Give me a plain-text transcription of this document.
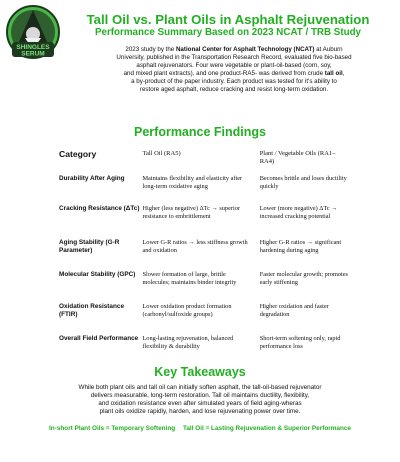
SHINGLES
SERUM
Tall Oil vs. Plant Oils in Asphalt Rejuvenation
Performance Summary Based on 2023 NCAT / TRB Study
2023 study by the National Center for Asphalt Technology (NCAT) at Auburn
University, published in the Transportation Research Record, evaluated five bio-based
asphalt rejuvenators. Four were vegetable or plant-oil-based (corn, soy,
and mixed plant extracts), and one product-RA5- was derived from crude tall oil,
a by-product of the paper industry. Each product was tested for it's ability to
restore aged asphalt, reduce cracking and resist long-term oxidation.
Performance Findings
Category	Tall Oil (RA5)	Plant / Vegetable Oils (RA1–RA4)
Durability After Aging	Maintains flexibility and elasticity after long-term oxidative aging	Becomes brittle and loses ductility quickly
Cracking Resistance (ΔTc)	Higher (less negative) ΔTc → superior resistance to embrittlement	Lower (more negative) ΔTc → increased cracking potential
Aging Stability (G-R Parameter)	Lower G-R ratios → less stiffness growth and oxidation	Higher G-R ratios → significant hardening during aging
Molecular Stability (GPC)	Slower formation of large, brittle molecules; maintains binder integrity	Faster molecular growth; promotes early stiffening
Oxidation Resistance (FTIR)	Lower oxidation product formation (carbonyl/sulfoxide groups)	Higher oxidation and faster degradation
Overall Field Performance	Long-lasting rejuvenation, balanced flexibility & durability	Short-term softening only, rapid performance loss
Key Takeaways
While both plant oils and tall oil can initially soften asphalt, the tall-oil-based rejuvenator
delivers measurable, long-term restoration. Tall oil maintains ductility, flexibility,
and oxidation resistance even after simulated years of field aging-wheras
plant oils oxidize rapidly, harden, and lose rejuvenating power over time.
In-short Plant Oils = Temporary Softening Tall Oil = Lasting Rejuvenation & Superior Performance
